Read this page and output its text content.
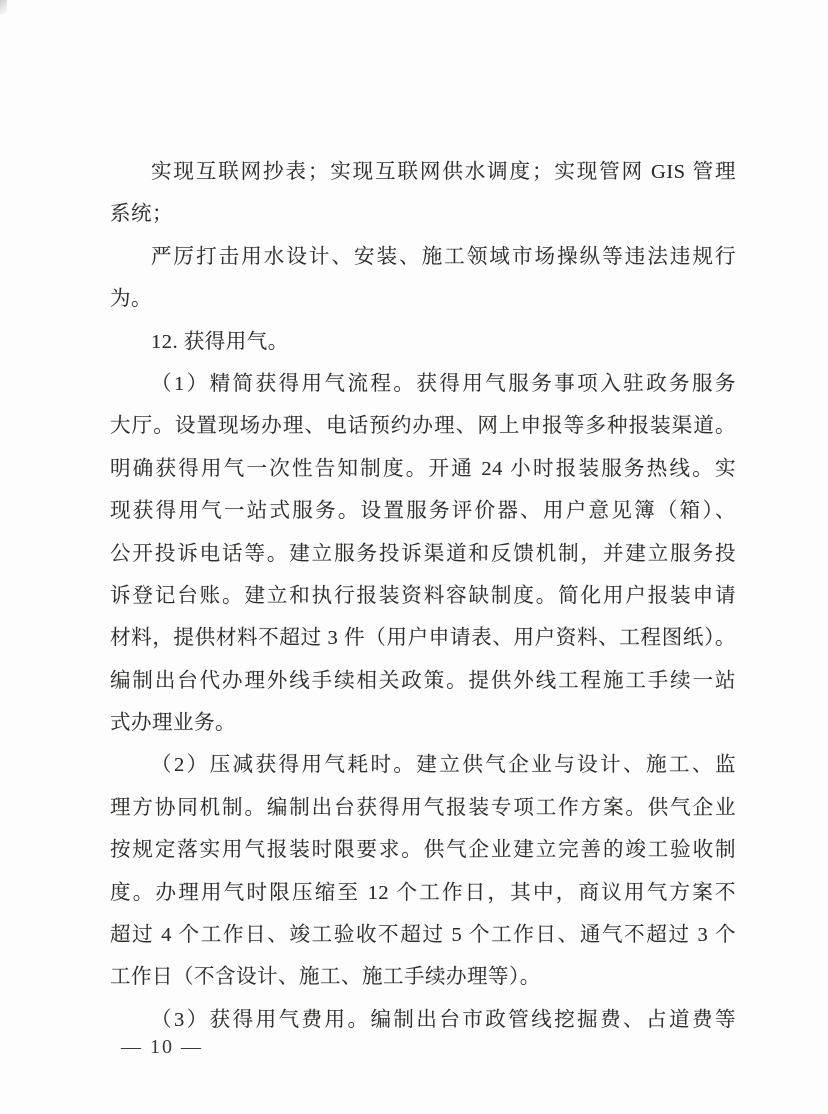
实现互联网抄表；实现互联网供水调度；实现管网 GIS 管理
系统；
严厉打击用水设计、安装、施工领域市场操纵等违法违规行
为。
12. 获得用气。
（1）精简获得用气流程。获得用气服务事项入驻政务服务
大厅。设置现场办理、电话预约办理、网上申报等多种报装渠道。
明确获得用气一次性告知制度。开通 24 小时报装服务热线。实
现获得用气一站式服务。设置服务评价器、用户意见簿（箱）、
公开投诉电话等。建立服务投诉渠道和反馈机制，并建立服务投
诉登记台账。建立和执行报装资料容缺制度。简化用户报装申请
材料，提供材料不超过 3 件（用户申请表、用户资料、工程图纸）。
编制出台代办理外线手续相关政策。提供外线工程施工手续一站
式办理业务。
（2）压减获得用气耗时。建立供气企业与设计、施工、监
理方协同机制。编制出台获得用气报装专项工作方案。供气企业
按规定落实用气报装时限要求。供气企业建立完善的竣工验收制
度。办理用气时限压缩至 12 个工作日，其中，商议用气方案不
超过 4 个工作日、竣工验收不超过 5 个工作日、通气不超过 3 个
工作日（不含设计、施工、施工手续办理等）。
（3）获得用气费用。编制出台市政管线挖掘费、占道费等
— 10 —
